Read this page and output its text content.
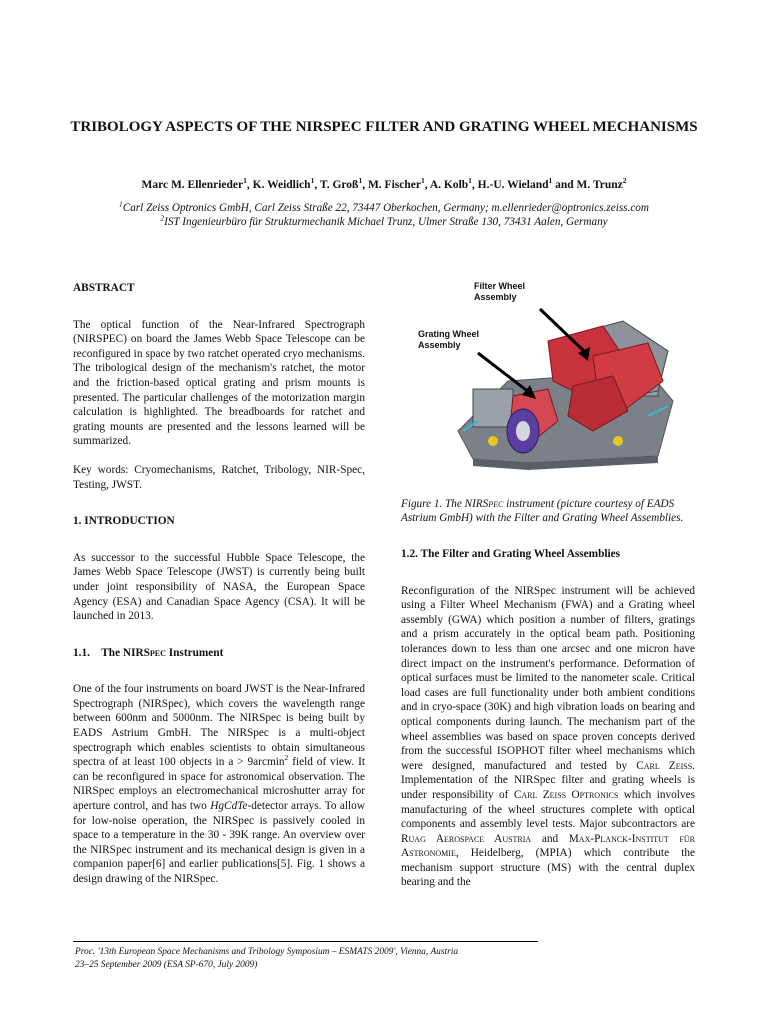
TRIBOLOGY ASPECTS OF THE NIRSPEC FILTER AND GRATING WHEEL MECHANISMS
Marc M. Ellenrieder$^1$, K. Weidlich$^1$, T. Groß$^1$, M. Fischer$^1$, A. Kolb$^1$, H.-U. Wieland$^1$ and M. Trunz$^2$
$^1$Carl Zeiss Optronics GmbH, Carl Zeiss Straße 22, 73447 Oberkochen, Germany; m.ellenrieder@optronics.zeiss.com
$^2$IST Ingenieurbüro für Strukturmechanik Michael Trunz, Ulmer Straße 130, 73431 Aalen, Germany
ABSTRACT

The optical function of the Near-Infrared Spectrograph (NIRSPEC) on board the James Webb Space Telescope can be reconfigured in space by two ratchet operated cryo mechanisms. The tribological design of the mechanism's ratchet, the motor and the friction-based optical grating and prism mounts is presented. The particular challenges of the motorization margin calculation is highlighted. The breadboards for ratchet and grating mounts are presented and the lessons learned will be summarized.

Key words: Cryomechanisms, Ratchet, Tribology, NIR-Spec, Testing, JWST.

1. INTRODUCTION

As successor to the successful Hubble Space Telescope, the James Webb Space Telescope (JWST) is currently being built under joint responsibility of NASA, the European Space Agency (ESA) and Canadian Space Agency (CSA). It will be launched in 2013.

1.1. The NIRSpec Instrument

One of the four instruments on board JWST is the Near-Infrared Spectrograph (NIRSpec), which covers the wavelength range between 600nm and 5000nm. The NIRSpec is being built by EADS Astrium GmbH. The NIRSpec is a multi-object spectrograph which enables scientists to obtain simultaneous spectra of at least 100 objects in a > 9arcmin$^2$ field of view. It can be reconfigured in space for astronomical observation. The NIRSpec employs an electromechanical microshutter array for aperture control, and has two HgCdTe-detector arrays. To allow for low-noise operation, the NIRSpec is passively cooled in space to a temperature in the 30 - 39K range. An overview over the NIRSpec instrument and its mechanical design is given in a companion paper[6] and earlier publications[5]. Fig. 1 shows a design drawing of the NIRSpec.

Filter Wheel
Assembly
Grating Wheel
Assembly
Figure 1. The NIRSpec instrument (picture courtesy of EADS Astrium GmbH) with the Filter and Grating Wheel Assemblies.
1.2. The Filter and Grating Wheel Assemblies

Reconfiguration of the NIRSpec instrument will be achieved using a Filter Wheel Mechanism (FWA) and a Grating wheel assembly (GWA) which position a number of filters, gratings and a prism accurately in the optical beam path. Positioning tolerances down to less than one arcsec and one micron have direct impact on the instrument's performance. Deformation of optical surfaces must be limited to the nanometer scale. Critical load cases are full functionality under both ambient conditions and in cryo-space (30K) and high vibration loads on bearing and optical components during launch. The mechanism part of the wheel assemblies was based on space proven concepts derived from the successful ISOPHOT filter wheel mechanisms which were designed, manufactured and tested by Carl Zeiss. Implementation of the NIRSpec filter and grating wheels is under responsibility of Carl Zeiss Optronics which involves manufacturing of the wheel structures complete with optical components and assembly level tests. Major subcontractors are Ruag Aerospace Austria and Max-Planck-Institut für Astronomie, Heidelberg, (MPIA) which contribute the mechanism support structure (MS) with the central duplex bearing and the

Proc. '13th European Space Mechanisms and Tribology Symposium – ESMATS 2009', Vienna, Austria
23–25 September 2009 (ESA SP-670, July 2009)
